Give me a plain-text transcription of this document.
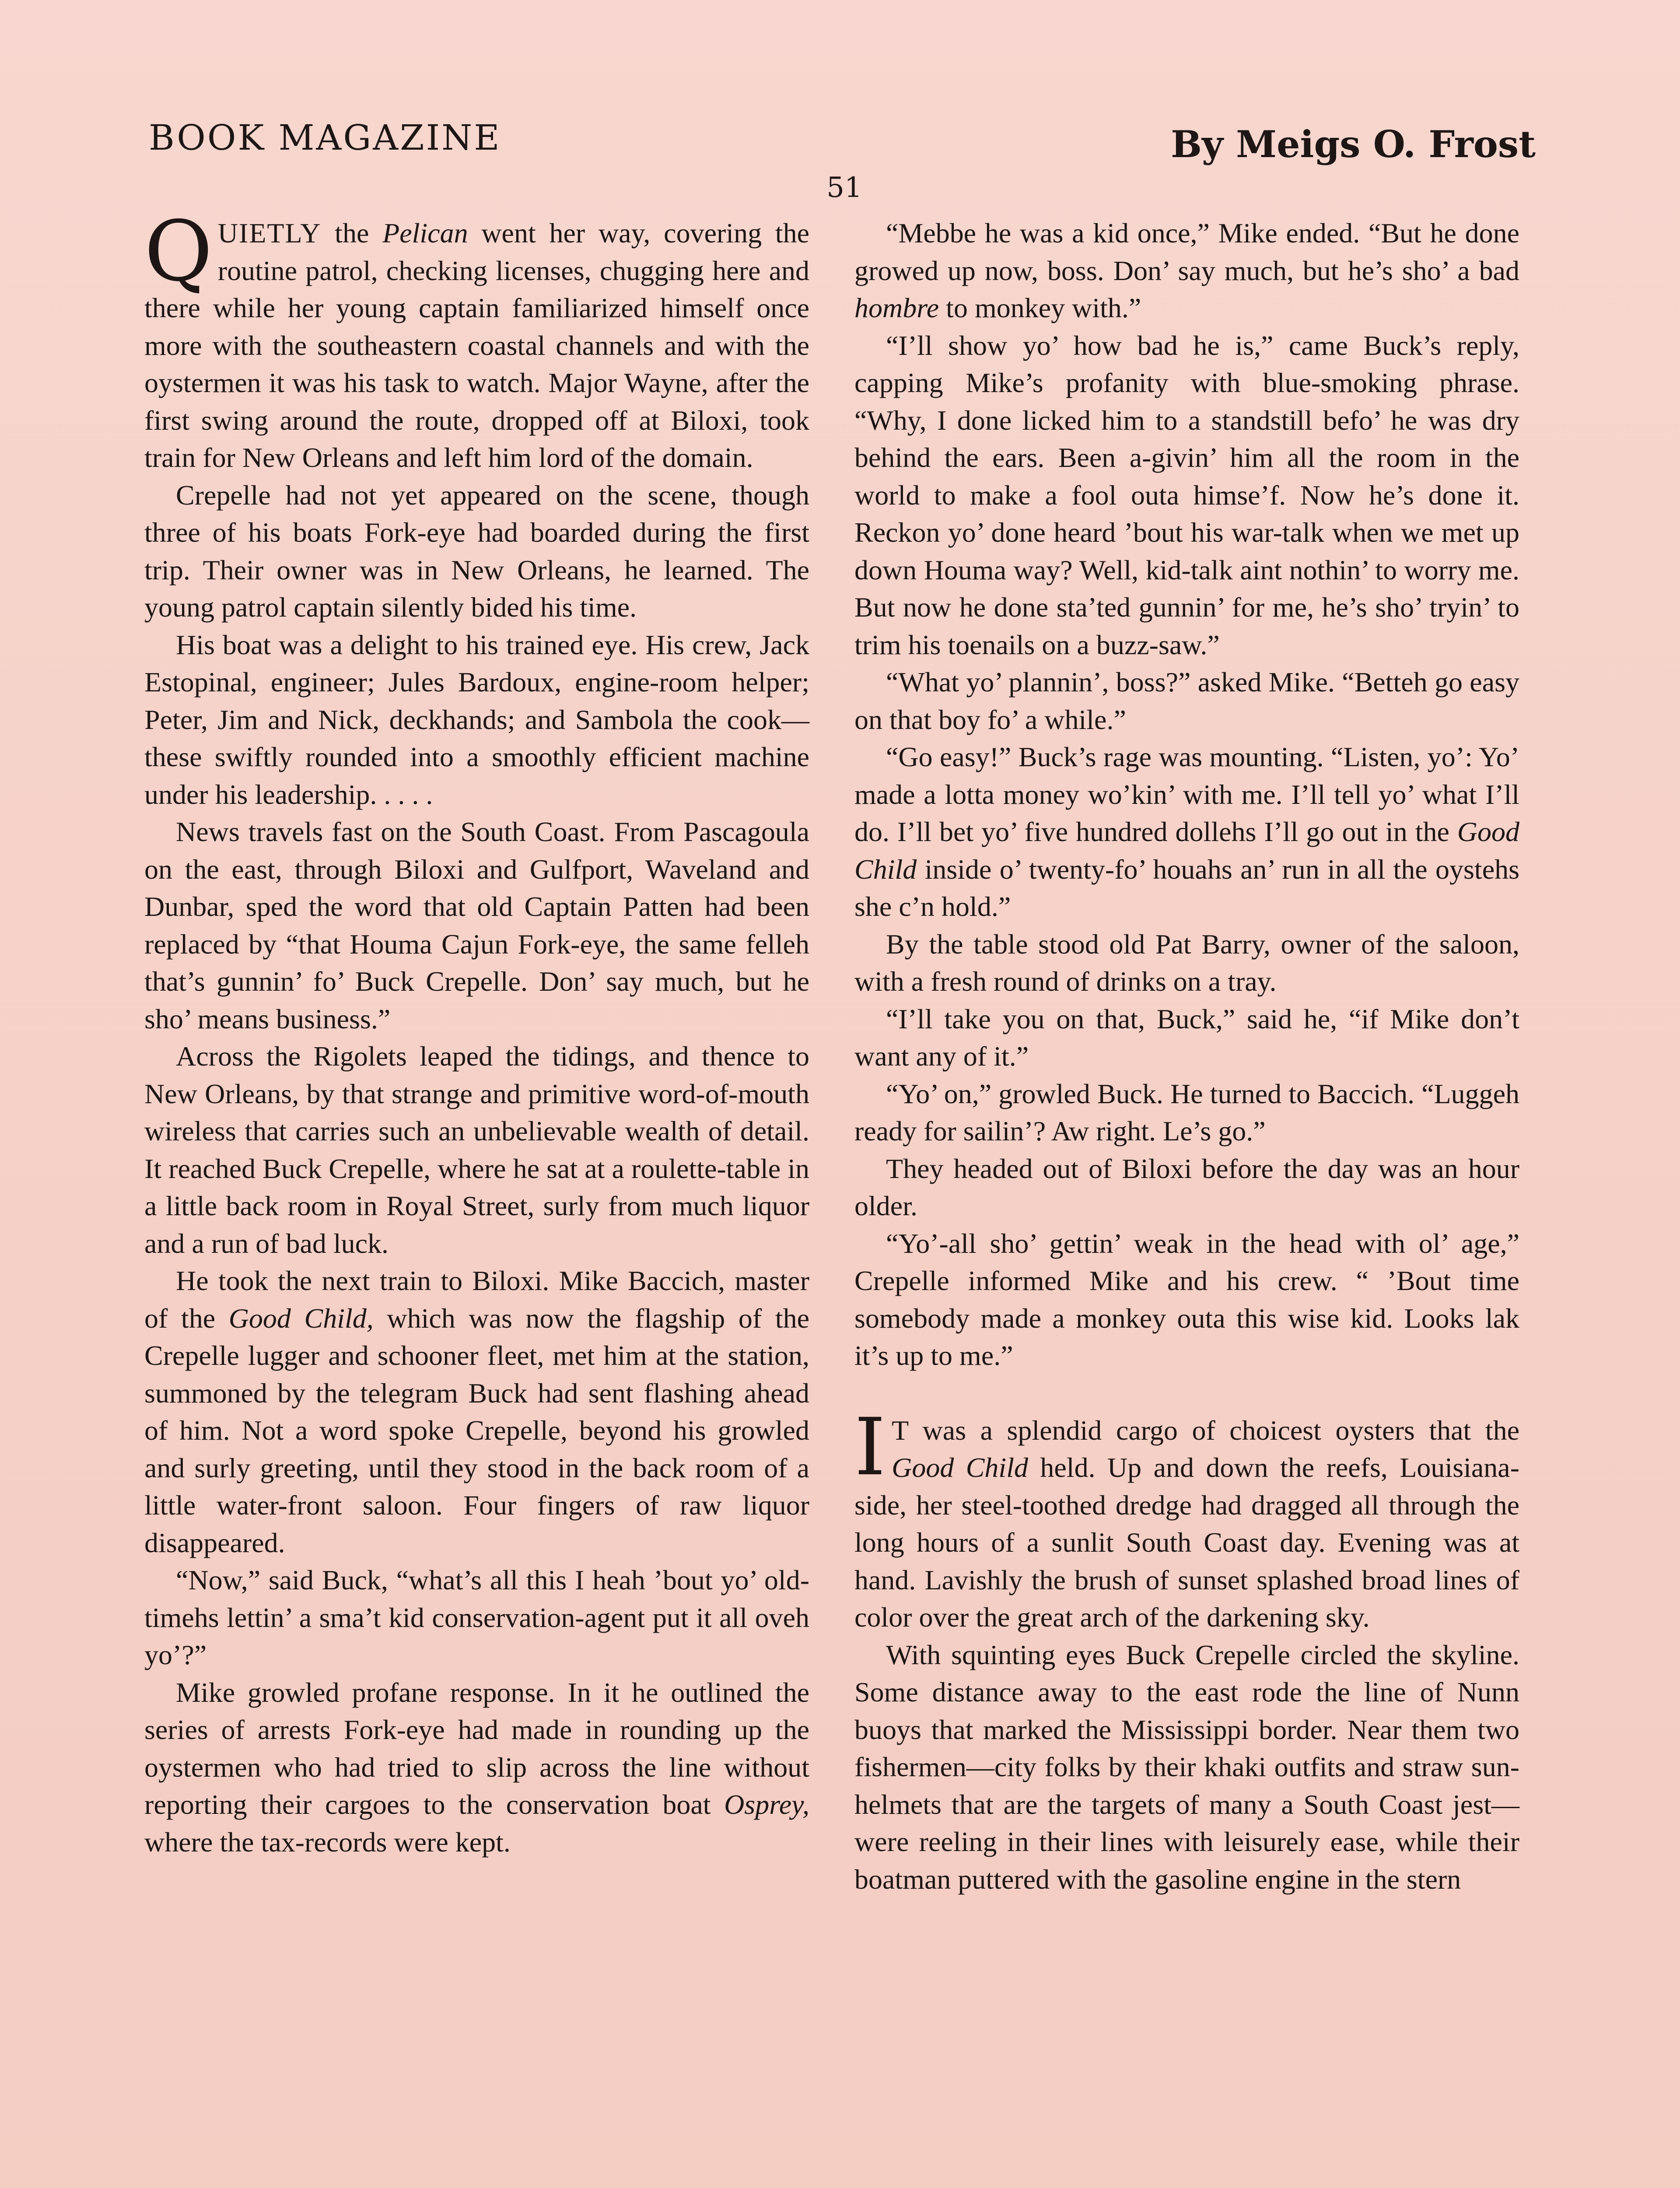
BOOK MAGAZINE	By Meigs O. Frost
51

QUIETLY the Pelican went her way, covering the routine patrol, checking licenses, chugging here and there while her young captain familiarized himself once more with the southeastern coastal channels and with the oystermen it was his task to watch. Major Wayne, after the first swing around the route, dropped off at Biloxi, took train for New Orleans and left him lord of the domain.

Crepelle had not yet appeared on the scene, though three of his boats Fork-eye had boarded during the first trip. Their owner was in New Orleans, he learned. The young patrol captain silently bided his time.

His boat was a delight to his trained eye. His crew, Jack Estopinal, engineer; Jules Bardoux, engine-room helper; Peter, Jim and Nick, deckhands; and Sambola the cook—these swiftly rounded into a smoothly efficient machine under his leadership. . . . .

News travels fast on the South Coast. From Pascagoula on the east, through Biloxi and Gulfport, Waveland and Dunbar, sped the word that old Captain Patten had been replaced by “that Houma Cajun Fork-eye, the same felleh that’s gunnin’ fo’ Buck Crepelle. Don’ say much, but he sho’ means business.”

Across the Rigolets leaped the tidings, and thence to New Orleans, by that strange and primitive word-of-mouth wireless that carries such an unbelievable wealth of detail. It reached Buck Crepelle, where he sat at a roulette-table in a little back room in Royal Street, surly from much liquor and a run of bad luck.

He took the next train to Biloxi. Mike Baccich, master of the Good Child, which was now the flagship of the Crepelle lugger and schooner fleet, met him at the station, summoned by the telegram Buck had sent flashing ahead of him. Not a word spoke Crepelle, beyond his growled and surly greeting, until they stood in the back room of a little water-front saloon. Four fingers of raw liquor disappeared.

“Now,” said Buck, “what’s all this I heah ’bout yo’ old-timehs lettin’ a sma’t kid conservation-agent put it all oveh yo’?”

Mike growled profane response. In it he outlined the series of arrests Fork-eye had made in rounding up the oystermen who had tried to slip across the line without reporting their cargoes to the conservation boat Osprey, where the tax-records were kept.

“Mebbe he was a kid once,” Mike ended. “But he done growed up now, boss. Don’ say much, but he’s sho’ a bad hombre to monkey with.”

“I’ll show yo’ how bad he is,” came Buck’s reply, capping Mike’s profanity with blue-smoking phrase. “Why, I done licked him to a standstill befo’ he was dry behind the ears. Been a-givin’ him all the room in the world to make a fool outa himse’f. Now he’s done it. Reckon yo’ done heard ’bout his war-talk when we met up down Houma way? Well, kid-talk aint nothin’ to worry me. But now he done sta’ted gunnin’ for me, he’s sho’ tryin’ to trim his toenails on a buzz-saw.”

“What yo’ plannin’, boss?” asked Mike. “Betteh go easy on that boy fo’ a while.”

“Go easy!” Buck’s rage was mounting. “Listen, yo’: Yo’ made a lotta money wo’kin’ with me. I’ll tell yo’ what I’ll do. I’ll bet yo’ five hundred dollehs I’ll go out in the Good Child inside o’ twenty-fo’ houahs an’ run in all the oystehs she c’n hold.”

By the table stood old Pat Barry, owner of the saloon, with a fresh round of drinks on a tray.

“I’ll take you on that, Buck,” said he, “if Mike don’t want any of it.”

“Yo’ on,” growled Buck. He turned to Baccich. “Luggeh ready for sailin’? Aw right. Le’s go.”

They headed out of Biloxi before the day was an hour older.

“Yo’-all sho’ gettin’ weak in the head with ol’ age,” Crepelle informed Mike and his crew. “ ’Bout time somebody made a monkey outa this wise kid. Looks lak it’s up to me.”

I T was a splendid cargo of choicest oysters that the Good Child held. Up and down the reefs, Louisiana-side, her steel-toothed dredge had dragged all through the long hours of a sunlit South Coast day. Evening was at hand. Lavishly the brush of sunset splashed broad lines of color over the great arch of the darkening sky.

With squinting eyes Buck Crepelle circled the skyline. Some distance away to the east rode the line of Nunn buoys that marked the Mississippi border. Near them two fishermen—city folks by their khaki outfits and straw sun-helmets that are the targets of many a South Coast jest—were reeling in their lines with leisurely ease, while their boatman puttered with the gasoline engine in the stern
